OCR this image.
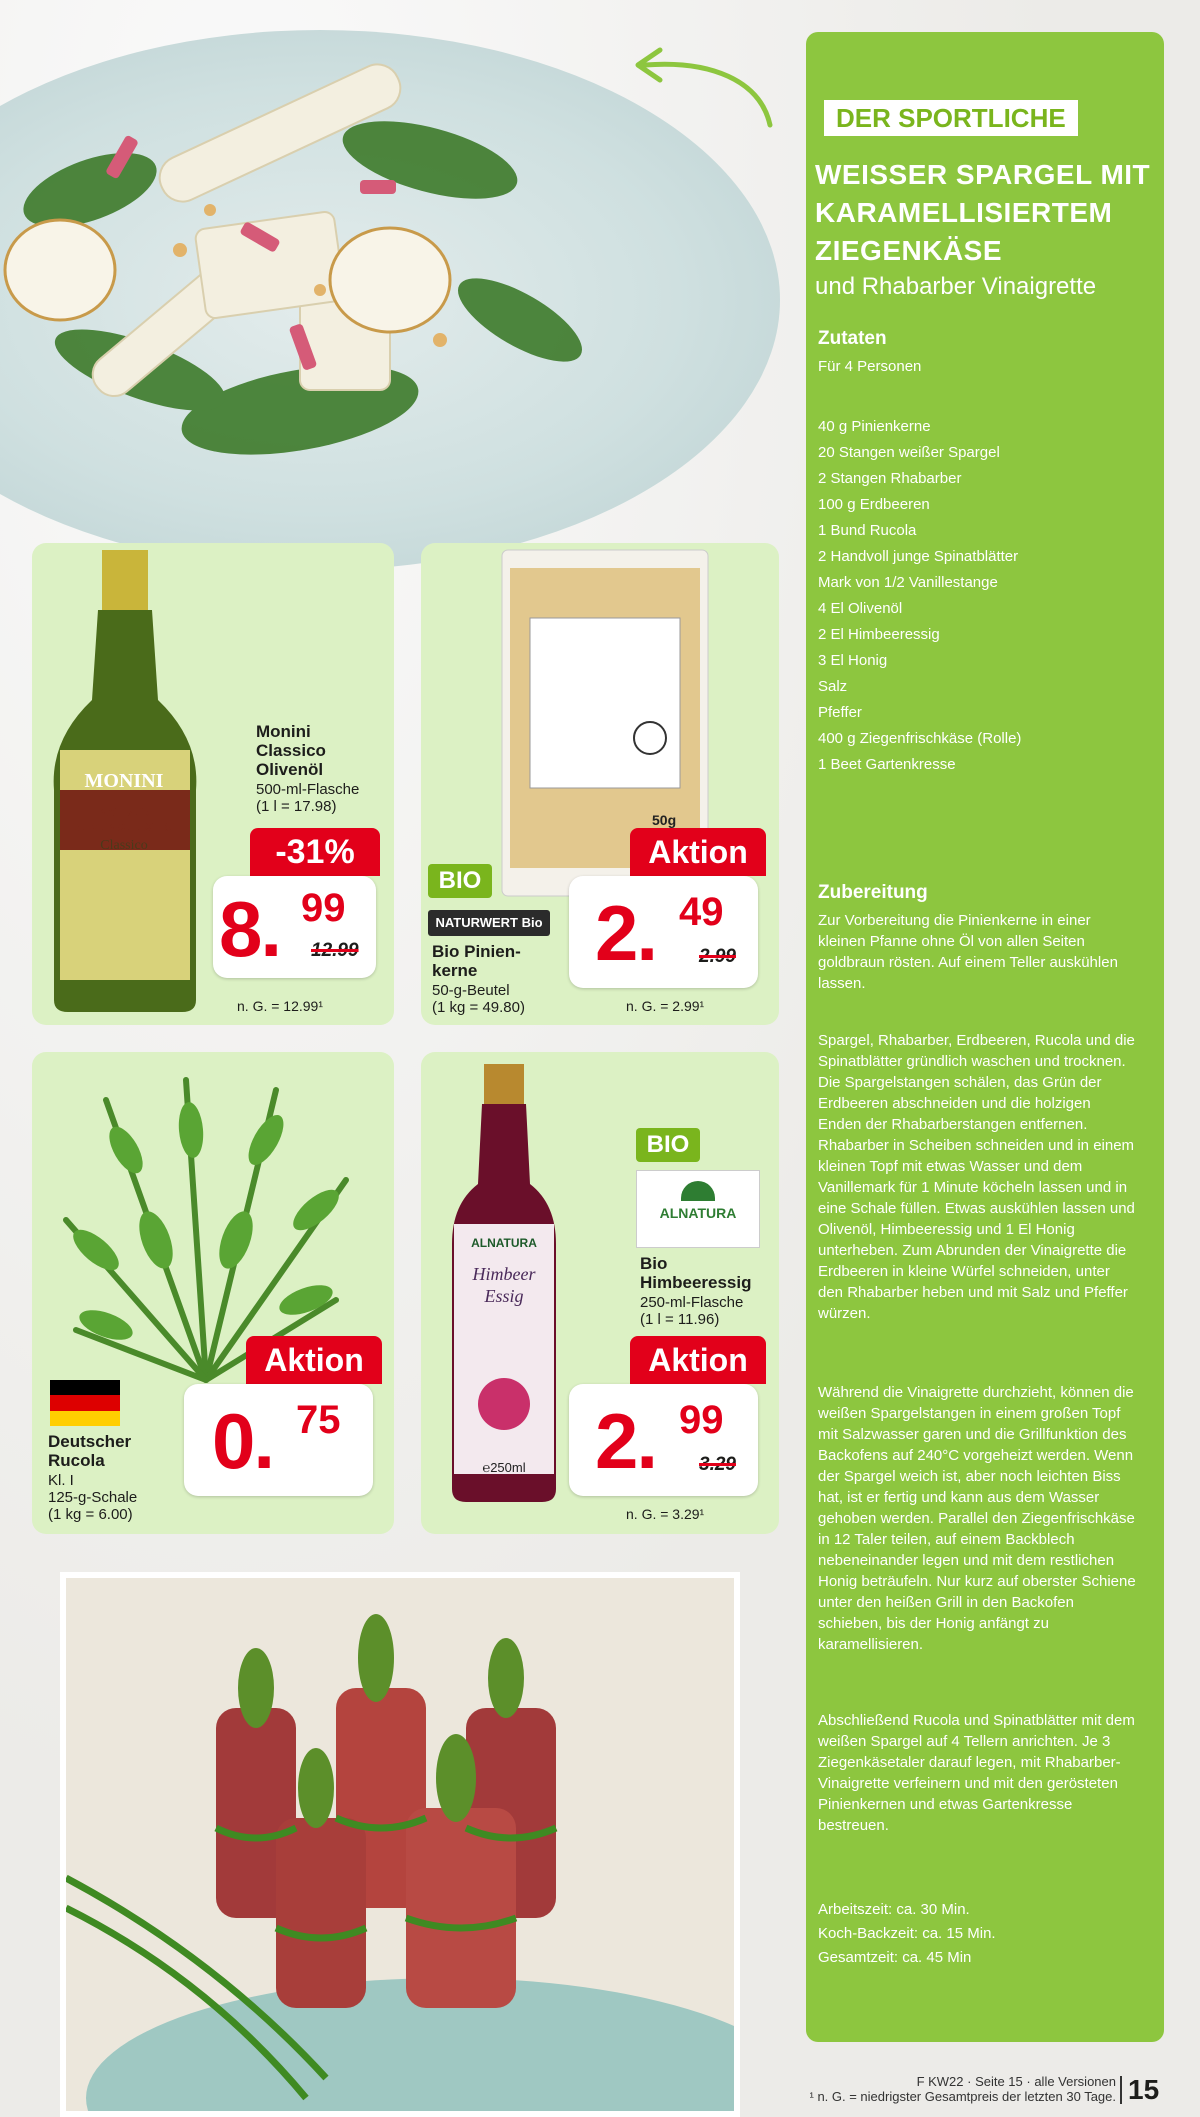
MONINI
NATIVES
OLIVENÖL EXTRA
Classico
Monini
Classico
Olivenöl
500-ml-Flasche
(1 l = 17.98)
-31%
8. 99
12.99
n. G. = 12.99¹
50g
BIO
NATURWERT Bio
Bio Pinien-
kerne
50-g-Beutel
(1 kg = 49.80)
Aktion
2. 49
2.99
n. G. = 2.99¹
Deutscher
Rucola
Kl. I
125-g-Schale
(1 kg = 6.00)
Aktion
0. 75
ALNATURA
Himbeer
Essig
℮250ml
BIO
ALNATURA
Bio
Himbeeressig
250-ml-Flasche
(1 l = 11.96)
Aktion
2. 99
3.29
n. G. = 3.29¹
DER SPORTLICHE
WEISSER SPARGEL MIT
KARAMELLISIERTEM
ZIEGENKÄSE
und Rhabarber Vinaigrette
Zutaten
Für 4 Personen
40 g Pinienkerne
20 Stangen weißer Spargel
2 Stangen Rhabarber
100 g Erdbeeren
1 Bund Rucola
2 Handvoll junge Spinatblätter
Mark von 1/2 Vanillestange
4 El Olivenöl
2 El Himbeeressig
3 El Honig
Salz
Pfeffer
400 g Ziegenfrischkäse (Rolle)
1 Beet Gartenkresse
Zubereitung
Zur Vorbereitung die Pinienkerne in einer kleinen Pfanne ohne Öl von allen Seiten goldbraun rösten. Auf einem Teller auskühlen lassen.
Spargel, Rhabarber, Erdbeeren, Rucola und die Spinatblätter gründlich waschen und trocknen. Die Spargelstangen schälen, das Grün der Erdbeeren abschneiden und die holzigen Enden der Rhabarberstangen entfernen. Rhabarber in Scheiben schneiden und in einem kleinen Topf mit etwas Wasser und dem Vanillemark für 1 Minute köcheln lassen und in eine Schale füllen. Etwas auskühlen lassen und Olivenöl, Himbeeressig und 1 El Honig unterheben. Zum Abrunden der Vinaigrette die Erdbeeren in kleine Würfel schneiden, unter den Rhabarber heben und mit Salz und Pfeffer würzen.
Während die Vinaigrette durchzieht, können die weißen Spargelstangen in einem großen Topf mit Salzwasser garen und die Grillfunktion des Backofens auf 240°C vorgeheizt werden. Wenn der Spargel weich ist, aber noch leichten Biss hat, ist er fertig und kann aus dem Wasser gehoben werden. Parallel den Ziegenfrischkäse in 12 Taler teilen, auf einem Backblech nebeneinander legen und mit dem restlichen Honig beträufeln. Nur kurz auf oberster Schiene unter den heißen Grill in den Backofen schieben, bis der Honig anfängt zu karamellisieren.
Abschließend Rucola und Spinatblätter mit dem weißen Spargel auf 4 Tellern anrichten. Je 3 Ziegenkäsetaler darauf legen, mit Rhabarber-Vinaigrette verfeinern und mit den gerösteten Pinienkernen und etwas Gartenkresse bestreuen.
Arbeitszeit: ca. 30 Min.
Koch-Backzeit: ca. 15 Min.
Gesamtzeit: ca. 45 Min
F KW22 · Seite 15 · alle Versionen
¹ n. G. = niedrigster Gesamtpreis der letzten 30 Tage. 15
